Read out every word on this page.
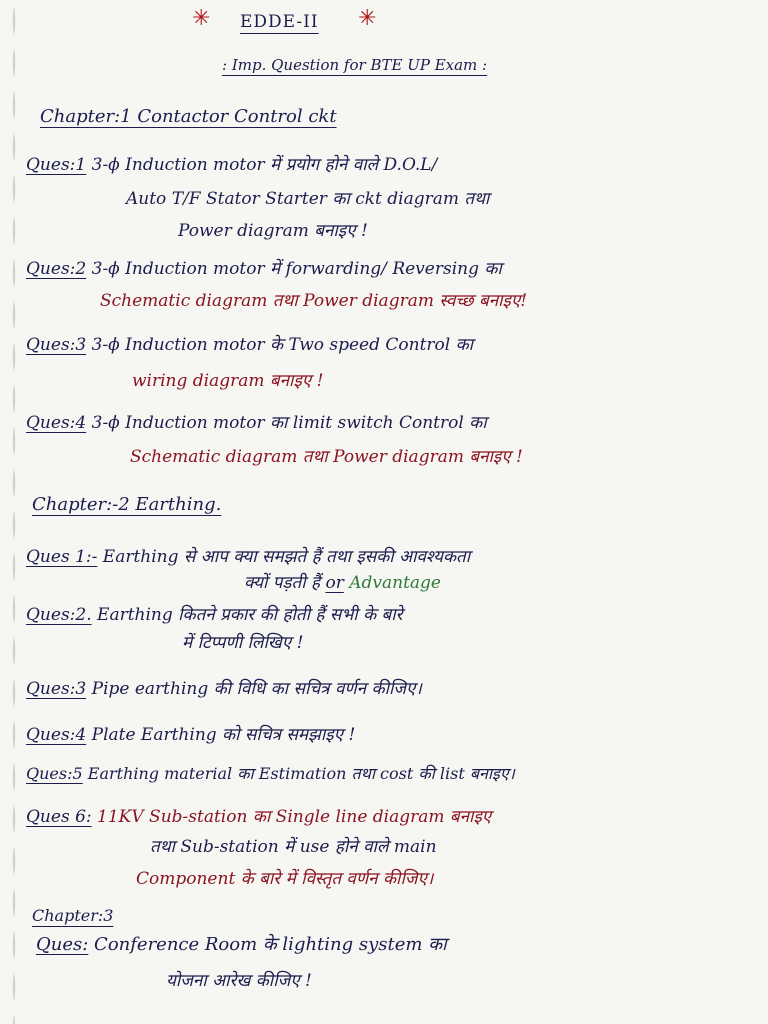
✳ EDDE-II ✳
: Imp. Question for BTE UP Exam :
Chapter:1 Contactor Control ckt
Ques:1 3-ϕ Induction motor में प्रयोग होने वाले D.O.L/
Auto T/F Stator Starter का ckt diagram तथा
Power diagram बनाइए !
Ques:2 3-ϕ Induction motor में forwarding/ Reversing का
Schematic diagram तथा Power diagram स्वच्छ बनाइए!
Ques:3 3-ϕ Induction motor के Two speed Control का
wiring diagram बनाइए !
Ques:4 3-ϕ Induction motor का limit switch Control का
Schematic diagram तथा Power diagram बनाइए !
Chapter:-2 Earthing.
Ques 1:- Earthing से आप क्या समझते हैं तथा इसकी आवश्यकता
क्यों पड़ती हैं or Advantage
Ques:2. Earthing कितने प्रकार की होती हैं सभी के बारे
में टिप्पणी लिखिए !
Ques:3 Pipe earthing की विधि का सचित्र वर्णन कीजिए।
Ques:4 Plate Earthing को सचित्र समझाइए !
Ques:5 Earthing material का Estimation तथा cost की list बनाइए।
Ques 6: 11KV Sub-station का Single line diagram बनाइए
तथा Sub-station में use होने वाले main
Component के बारे में विस्तृत वर्णन कीजिए।
Chapter:3
Ques: Conference Room के lighting system का
योजना आरेख कीजिए !
